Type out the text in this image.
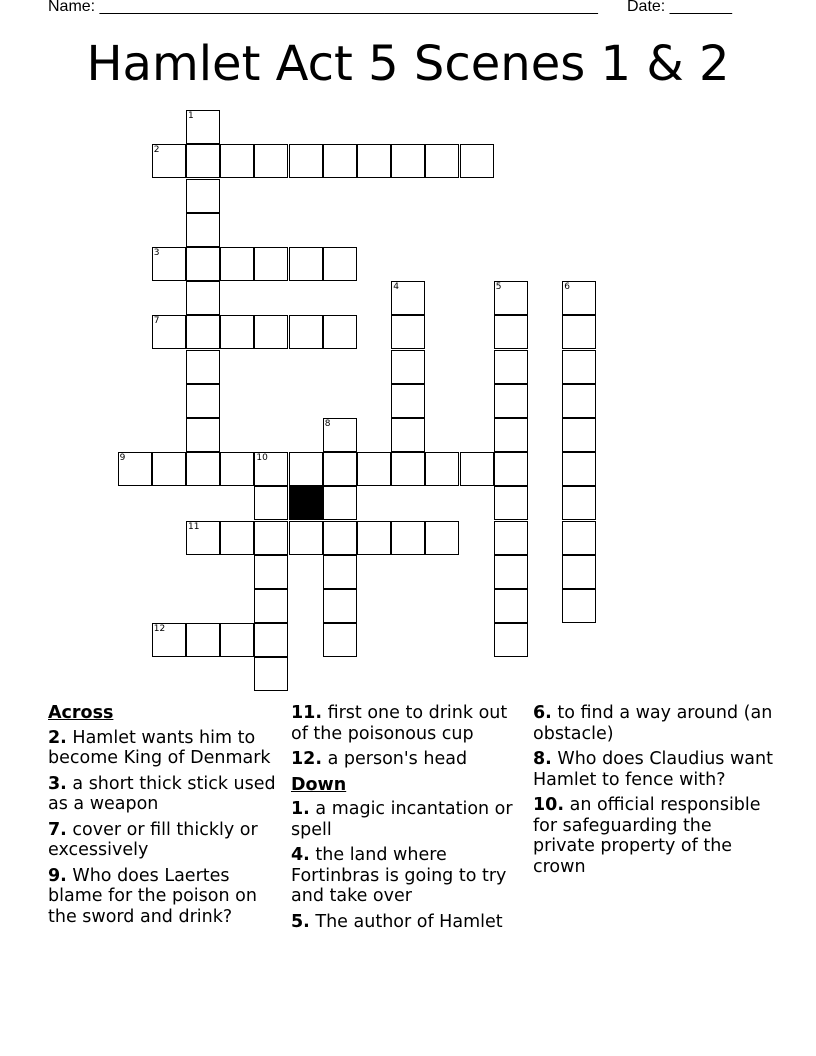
Name: ________________________________________________________

Date: _______

Hamlet Act 5 Scenes 1 & 2
1
2
3
4	5	6
7
8
9	10
11
12
Across
2. Hamlet wants him to become King of Denmark
3. a short thick stick used as a weapon
7. cover or fill thickly or excessively
9. Who does Laertes blame for the poison on the sword and drink?
11. first one to drink out of the poisonous cup
12. a person's head
Down
1. a magic incantation or spell
4. the land where Fortinbras is going to try and take over
5. The author of Hamlet
6. to find a way around (an obstacle)
8. Who does Claudius want Hamlet to fence with?
10. an official responsible for safeguarding the private property of the crown
